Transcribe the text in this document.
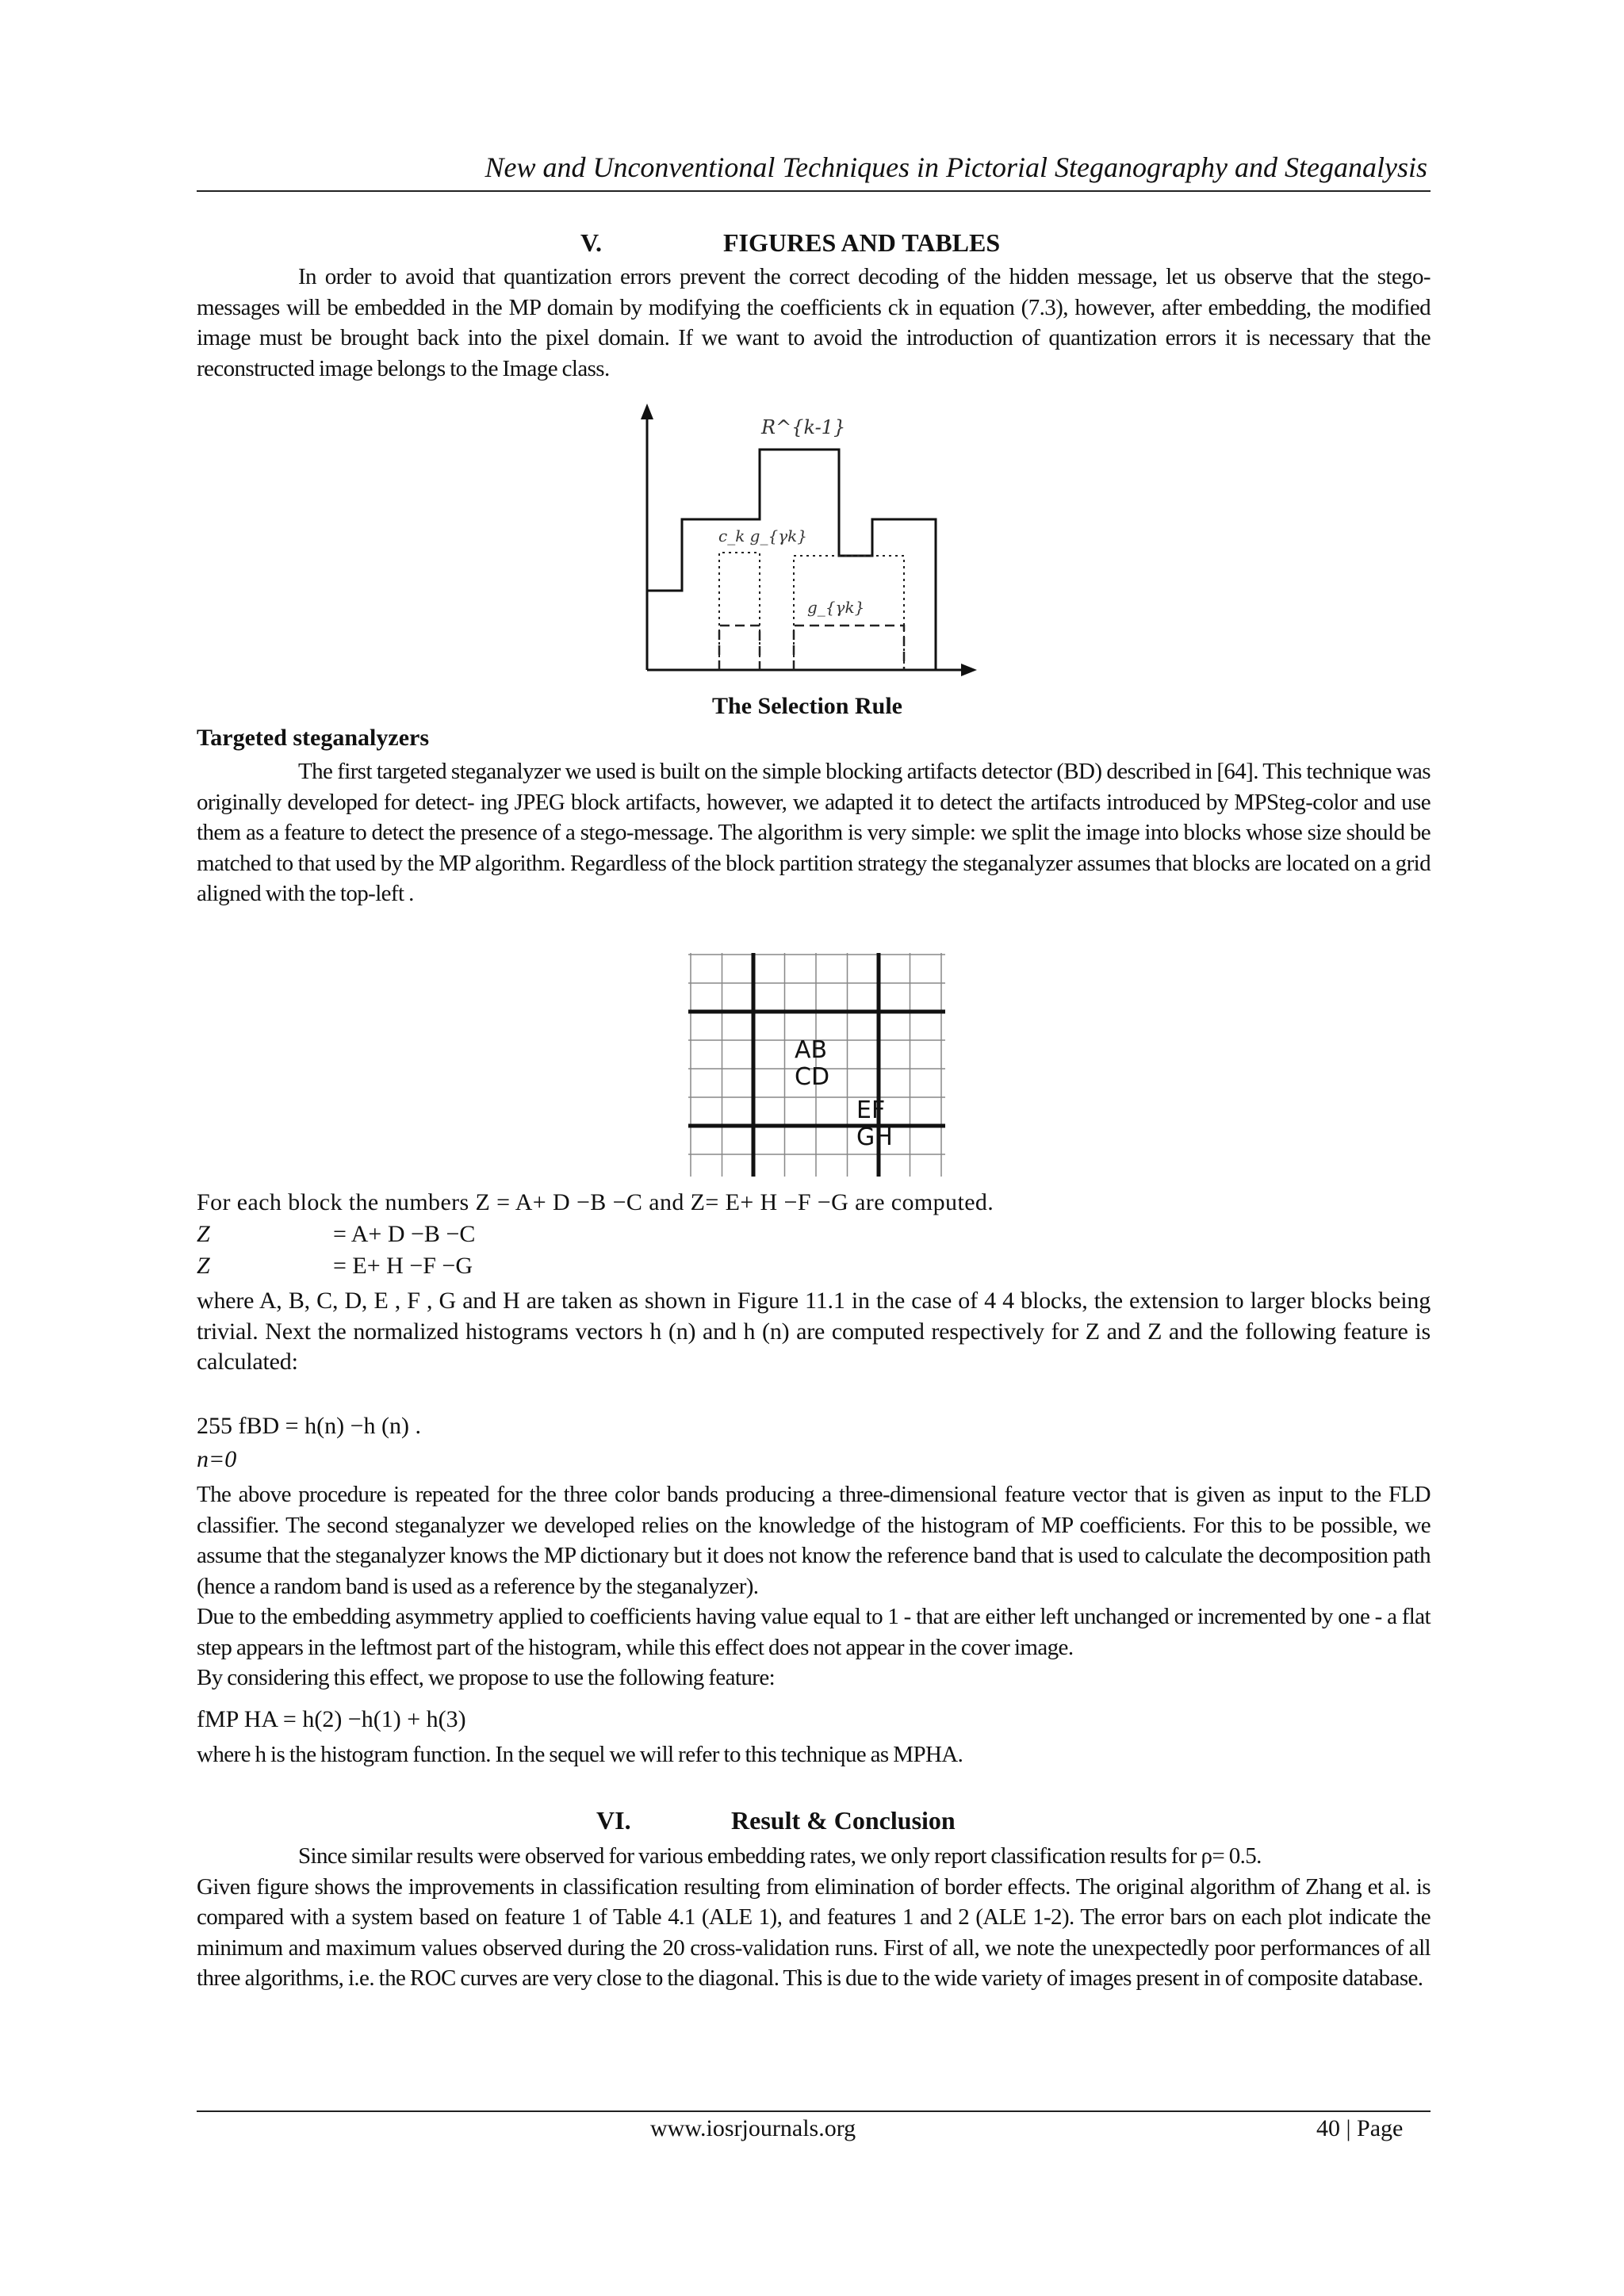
New and Unconventional Techniques in Pictorial Steganography and Steganalysis
V.	FIGURES AND TABLES

In order to avoid that quantization errors prevent the correct decoding of the hidden message, let us observe that the stego-messages will be embedded in the MP domain by modifying the coefficients ck in equation (7.3), however, after embedding, the modified image must be brought back into the pixel domain. If we want to avoid the introduction of quantization errors it is necessary that the reconstructed image belongs to the Image class.

R^{k-1}
c_k g_{γk}
g_{γk}
The Selection Rule
Targeted steganalyzers

The first targeted steganalyzer we used is built on the simple blocking artifacts detector (BD) described in [64]. This technique was originally developed for detect- ing JPEG block artifacts, however, we adapted it to detect the artifacts introduced by MPSteg-color and use them as a feature to detect the presence of a stego-message. The algorithm is very simple: we split the image into blocks whose size should be matched to that used by the MP algorithm. Regardless of the block partition strategy the steganalyzer assumes that blocks are located on a grid aligned with the top-left .

AB
CD
EF
GH
For each block the numbers Z = A+ D −B −C and Z= E+ H −F −G are computed.
Z	= A+ D −B −C
Z	= E+ H −F −G

where A, B, C, D, E , F , G and H are taken as shown in Figure 11.1 in the case of 4 4 blocks, the extension to larger blocks being trivial. Next the normalized histograms vectors h (n) and h (n) are computed respectively for Z and Z and the following feature is calculated:

255 fBD = h(n) −h (n) .
n=0

The above procedure is repeated for the three color bands producing a three-dimensional feature vector that is given as input to the FLD classifier. The second steganalyzer we developed relies on the knowledge of the histogram of MP coefficients. For this to be possible, we assume that the steganalyzer knows the MP dictionary but it does not know the reference band that is used to calculate the decomposition path (hence a random band is used as a reference by the steganalyzer).

Due to the embedding asymmetry applied to coefficients having value equal to 1 - that are either left unchanged or incremented by one - a flat step appears in the leftmost part of the histogram, while this effect does not appear in the cover image.

By considering this effect, we propose to use the following feature:

fMP HA = h(2) −h(1) + h(3)

where h is the histogram function. In the sequel we will refer to this technique as MPHA.

VI.	Result & Conclusion

Since similar results were observed for various embedding rates, we only report classification results for ρ= 0.5.

Given figure shows the improvements in classification resulting from elimination of border effects. The original algorithm of Zhang et al. is compared with a system based on feature 1 of Table 4.1 (ALE 1), and features 1 and 2 (ALE 1-2). The error bars on each plot indicate the minimum and maximum values observed during the 20 cross-validation runs. First of all, we note the unexpectedly poor performances of all three algorithms, i.e. the ROC curves are very close to the diagonal. This is due to the wide variety of images present in of composite database.

www.iosrjournals.org	40 | Page
